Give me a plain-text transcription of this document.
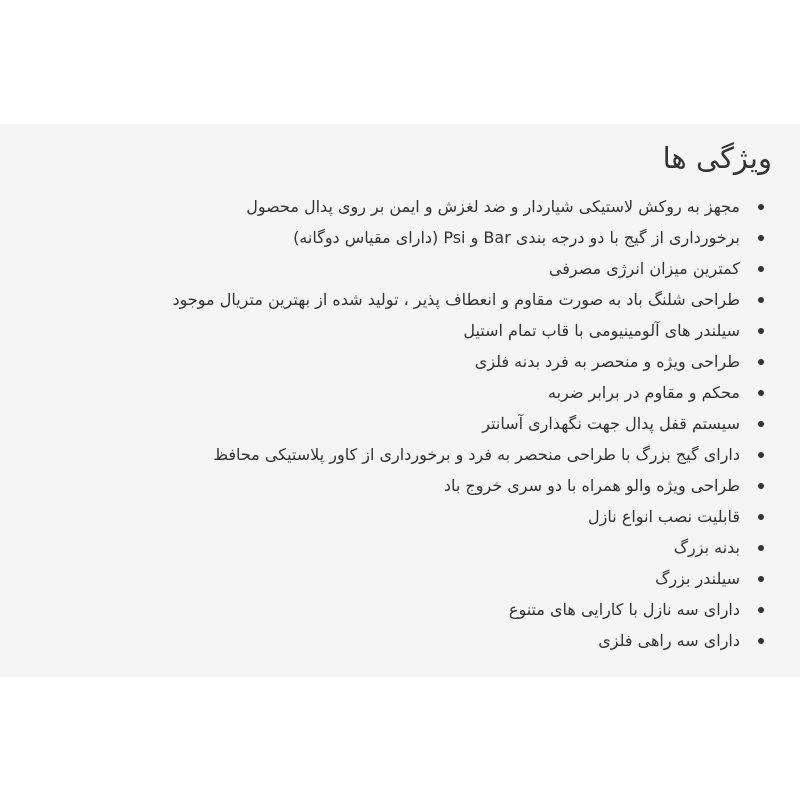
ویژگی ها
مجهز به روکش لاستیکی شیاردار و ضد لغزش و ایمن بر روی پدال محصول
برخورداری از گیج با دو درجه بندی Bar و Psi (دارای مقیاس دوگانه)
کمترین میزان انرژی مصرفی
طراحی شلنگ باد به صورت مقاوم و انعطاف پذیر ، تولید شده از بهترین متریال موجود
سیلندر های آلومینیومی با قاب تمام استیل
طراحی ویژه و منحصر به فرد بدنه فلزی
محکم و مقاوم در برابر ضربه
سیستم قفل پدال جهت نگهداری آسانتر
دارای گیج بزرگ با طراحی منحصر به فرد و برخورداری از کاور پلاستیکی محافظ
طراحی ویژه والو همراه با دو سری خروج باد
قابلیت نصب انواع نازل
بدنه بزرگ
سیلندر بزرگ
دارای سه نازل با کارایی های متنوع
دارای سه راهی فلزی
